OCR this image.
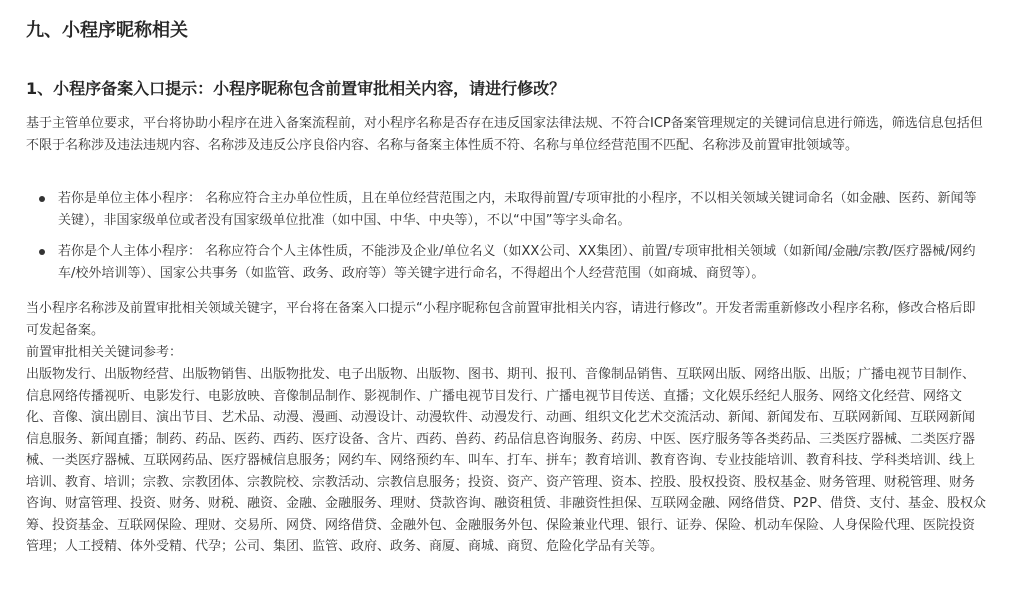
九、小程序昵称相关
1、小程序备案入口提示：小程序昵称包含前置审批相关内容，请进行修改？

基于主管单位要求，平台将协助小程序在进入备案流程前，对小程序名称是否存在违反国家法律法规、不符合ICP备案管理规定的关键词信息进行筛选，筛选信息包括但不限于名称涉及违法违规内容、名称涉及违反公序良俗内容、名称与备案主体性质不符、名称与单位经营范围不匹配、名称涉及前置审批领域等。

若你是单位主体小程序： 名称应符合主办单位性质，且在单位经营范围之内，未取得前置/专项审批的小程序，不以相关领域关键词命名（如金融、医药、新闻等关键），非国家级单位或者没有国家级单位批准（如中国、中华、中央等），不以“中国”等字头命名。
若你是个人主体小程序： 名称应符合个人主体性质，不能涉及企业/单位名义（如XX公司、XX集团）、前置/专项审批相关领域（如新闻/金融/宗教/医疗器械/网约车/校外培训等）、国家公共事务（如监管、政务、政府等）等关键字进行命名，不得超出个人经营范围（如商城、商贸等）。

当小程序名称涉及前置审批相关领域关键字，平台将在备案入口提示“小程序昵称包含前置审批相关内容，请进行修改”。开发者需重新修改小程序名称，修改合格后即可发起备案。

前置审批相关关键词参考：

出版物发行、出版物经营、出版物销售、出版物批发、电子出版物、出版物、图书、期刊、报刊、音像制品销售、互联网出版、网络出版、出版；广播电视节目制作、信息网络传播视听、电影发行、电影放映、音像制品制作、影视制作、广播电视节目发行、广播电视节目传送、直播；文化娱乐经纪人服务、网络文化经营、网络文化、音像、演出剧目、演出节目、艺术品、动漫、漫画、动漫设计、动漫软件、动漫发行、动画、组织文化艺术交流活动、新闻、新闻发布、互联网新闻、互联网新闻信息服务、新闻直播；制药、药品、医药、西药、医疗设备、含片、西药、兽药、药品信息咨询服务、药房、中医、医疗服务等各类药品、三类医疗器械、二类医疗器械、一类医疗器械、互联网药品、医疗器械信息服务；网约车、网络预约车、叫车、打车、拼车；教育培训、教育咨询、专业技能培训、教育科技、学科类培训、线上培训、教育、培训；宗教、宗教团体、宗教院校、宗教活动、宗教信息服务；投资、资产、资产管理、资本、控股、股权投资、股权基金、财务管理、财税管理、财务咨询、财富管理、投资、财务、财税、融资、金融、金融服务、理财、贷款咨询、融资租赁、非融资性担保、互联网金融、网络借贷、P2P、借贷、支付、基金、股权众筹、投资基金、互联网保险、理财、交易所、网贷、网络借贷、金融外包、金融服务外包、保险兼业代理、银行、证券、保险、机动车保险、人身保险代理、医院投资管理；人工授精、体外受精、代孕；公司、集团、监管、政府、政务、商厦、商城、商贸、危险化学品有关等。
